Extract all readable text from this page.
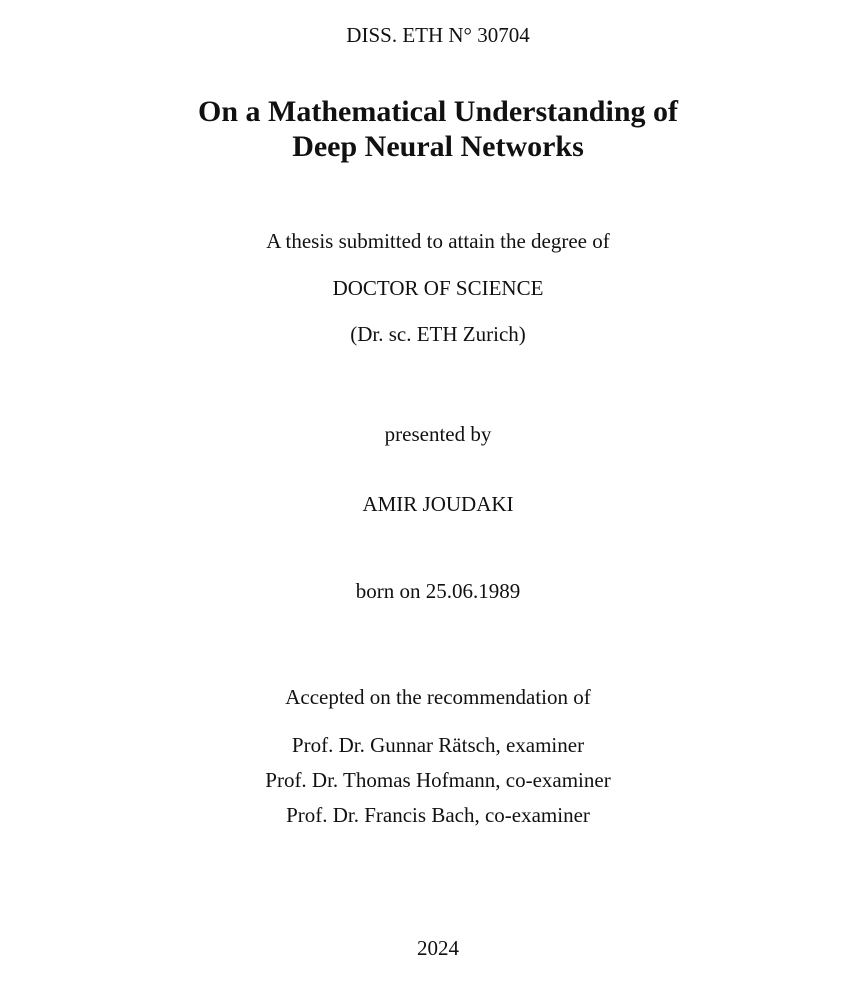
DISS. ETH N° 30704
On a Mathematical Understanding of
Deep Neural Networks
A thesis submitted to attain the degree of
DOCTOR OF SCIENCE
(Dr. sc. ETH Zurich)
presented by
AMIR JOUDAKI
born on 25.06.1989
Accepted on the recommendation of
Prof. Dr. Gunnar Rätsch, examiner
Prof. Dr. Thomas Hofmann, co-examiner
Prof. Dr. Francis Bach, co-examiner
2024
